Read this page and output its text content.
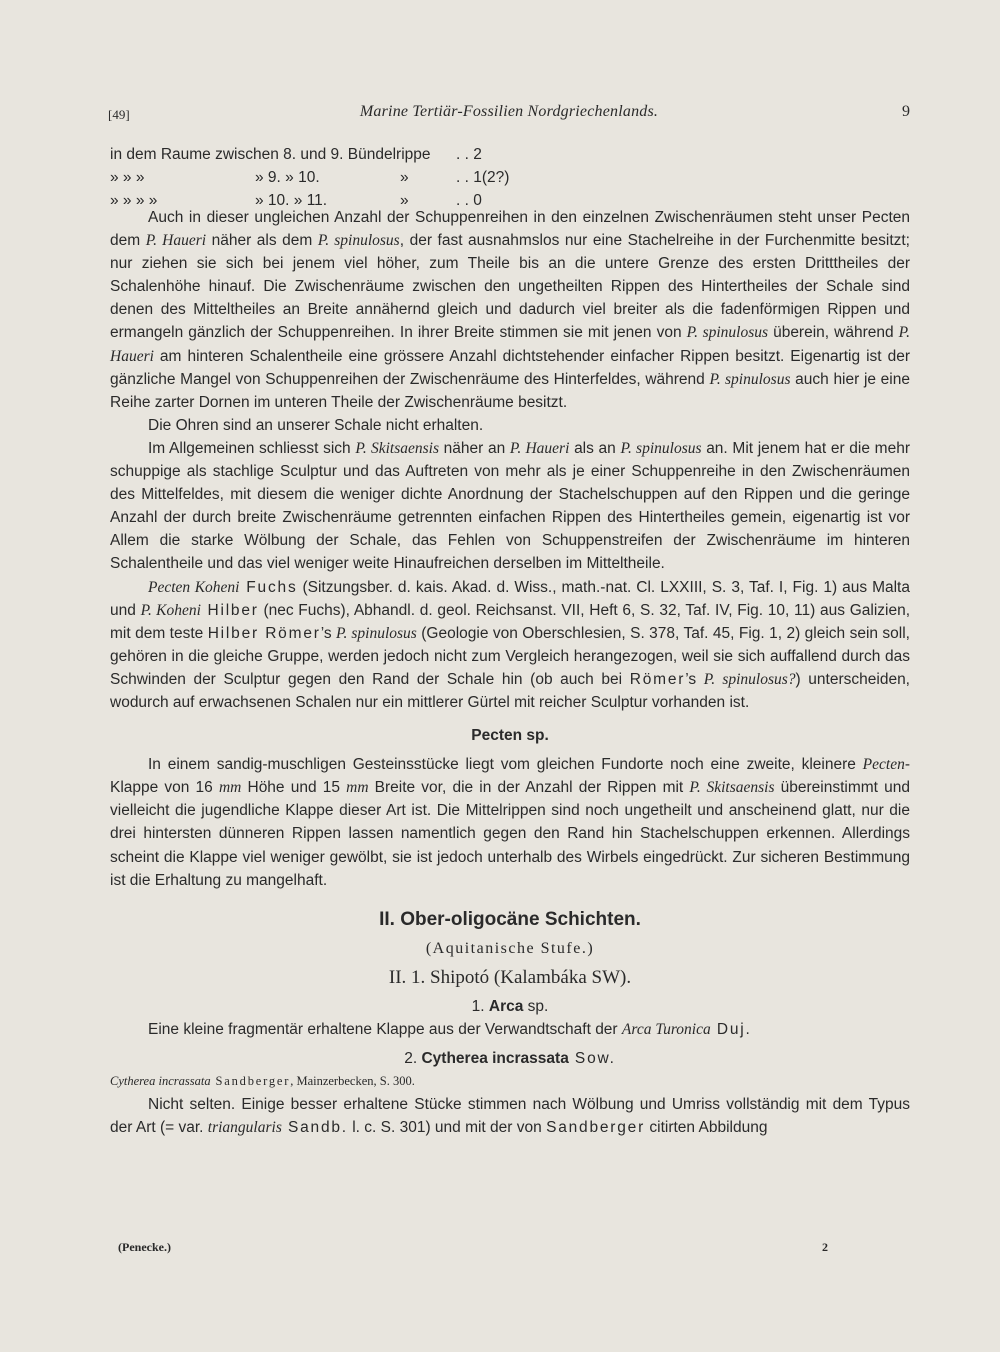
[49]	Marine Tertiär-Fossilien Nordgriechenlands.	9
in dem Raume zwischen 8. und 9. Bündelrippe . . 2
» » »	» 9. » 10.	»	. . 1(2?)
» » » »	» 10. » 11.	»	. . 0

Auch in dieser ungleichen Anzahl der Schuppenreihen in den einzelnen Zwischenräumen steht unser Pecten dem P. Haueri näher als dem P. spinulosus, der fast ausnahmslos nur eine Stachelreihe in der Furchenmitte besitzt; nur ziehen sie sich bei jenem viel höher, zum Theile bis an die untere Grenze des ersten Dritttheiles der Schalenhöhe hinauf. Die Zwischenräume zwischen den ungetheilten Rippen des Hintertheiles der Schale sind denen des Mitteltheiles an Breite annähernd gleich und dadurch viel breiter als die fadenförmigen Rippen und ermangeln gänzlich der Schuppenreihen. In ihrer Breite stimmen sie mit jenen von P. spinulosus überein, während P. Haueri am hinteren Schalentheile eine grössere Anzahl dichtstehender einfacher Rippen besitzt. Eigenartig ist der gänzliche Mangel von Schuppenreihen der Zwischenräume des Hinterfeldes, während P. spinulosus auch hier je eine Reihe zarter Dornen im unteren Theile der Zwischenräume besitzt.

Die Ohren sind an unserer Schale nicht erhalten.

Im Allgemeinen schliesst sich P. Skitsaensis näher an P. Haueri als an P. spinulosus an. Mit jenem hat er die mehr schuppige als stachlige Sculptur und das Auftreten von mehr als je einer Schuppenreihe in den Zwischenräumen des Mittelfeldes, mit diesem die weniger dichte Anordnung der Stachelschuppen auf den Rippen und die geringe Anzahl der durch breite Zwischenräume getrennten einfachen Rippen des Hintertheiles gemein, eigenartig ist vor Allem die starke Wölbung der Schale, das Fehlen von Schuppenstreifen der Zwischenräume im hinteren Schalentheile und das viel weniger weite Hinaufreichen derselben im Mitteltheile.

Pecten Koheni Fuchs (Sitzungsber. d. kais. Akad. d. Wiss., math.-nat. Cl. LXXIII, S. 3, Taf. I, Fig. 1) aus Malta und P. Koheni Hilber (nec Fuchs), Abhandl. d. geol. Reichsanst. VII, Heft 6, S. 32, Taf. IV, Fig. 10, 11) aus Galizien, mit dem teste Hilber Römer’s P. spinulosus (Geologie von Oberschlesien, S. 378, Taf. 45, Fig. 1, 2) gleich sein soll, gehören in die gleiche Gruppe, werden jedoch nicht zum Vergleich herangezogen, weil sie sich auffallend durch das Schwinden der Sculptur gegen den Rand der Schale hin (ob auch bei Römer’s P. spinulosus?) unterscheiden, wodurch auf erwachsenen Schalen nur ein mittlerer Gürtel mit reicher Sculptur vorhanden ist.

Pecten sp.

In einem sandig-muschligen Gesteinsstücke liegt vom gleichen Fundorte noch eine zweite, kleinere Pecten-Klappe von 16 mm Höhe und 15 mm Breite vor, die in der Anzahl der Rippen mit P. Skitsaensis übereinstimmt und vielleicht die jugendliche Klappe dieser Art ist. Die Mittelrippen sind noch ungetheilt und anscheinend glatt, nur die drei hintersten dünneren Rippen lassen namentlich gegen den Rand hin Stachelschuppen erkennen. Allerdings scheint die Klappe viel weniger gewölbt, sie ist jedoch unterhalb des Wirbels eingedrückt. Zur sicheren Bestimmung ist die Erhaltung zu mangelhaft.

II. Ober-oligocäne Schichten.

(Aquitanische Stufe.)

II. 1. Shipotó (Kalambáka SW).

1. Arca sp.

Eine kleine fragmentär erhaltene Klappe aus der Verwandtschaft der Arca Turonica Duj.

2. Cytherea incrassata Sow.

Cytherea incrassata Sandberger, Mainzerbecken, S. 300.

Nicht selten. Einige besser erhaltene Stücke stimmen nach Wölbung und Umriss vollständig mit dem Typus der Art (= var. triangularis Sandb. l. c. S. 301) und mit der von Sandberger citirten Abbildung

(Penecke.)	2
